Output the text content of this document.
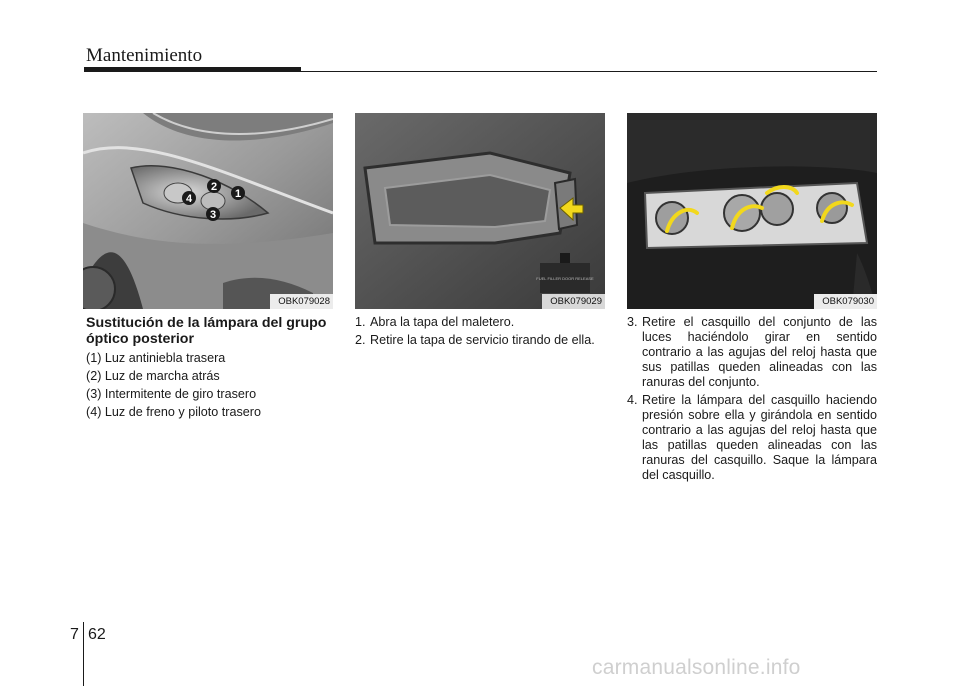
Mantenimiento
1
2
3
4
OBK079028
FUEL FILLER DOOR RELEASE
OBK079029	OBK079030
Sustitución de la lámpara del grupo óptico posterior
(1) Luz antiniebla trasera
(2) Luz de marcha atrás
(3) Intermitente de giro trasero
(4) Luz de freno y piloto trasero
1. Abra la tapa del maletero.
2. Retire la tapa de servicio tirando de ella.
3. Retire el casquillo del conjunto de las luces haciéndolo girar en sentido contrario a las agujas del reloj hasta que sus patillas queden alineadas con las ranuras del conjunto.
4. Retire la lámpara del casquillo haciendo presión sobre ella y girándola en sentido contrario a las agujas del reloj hasta que las patillas queden alineadas con las ranuras del casquillo. Saque la lámpara del casquillo.
7 62
carmanualsonline.info
